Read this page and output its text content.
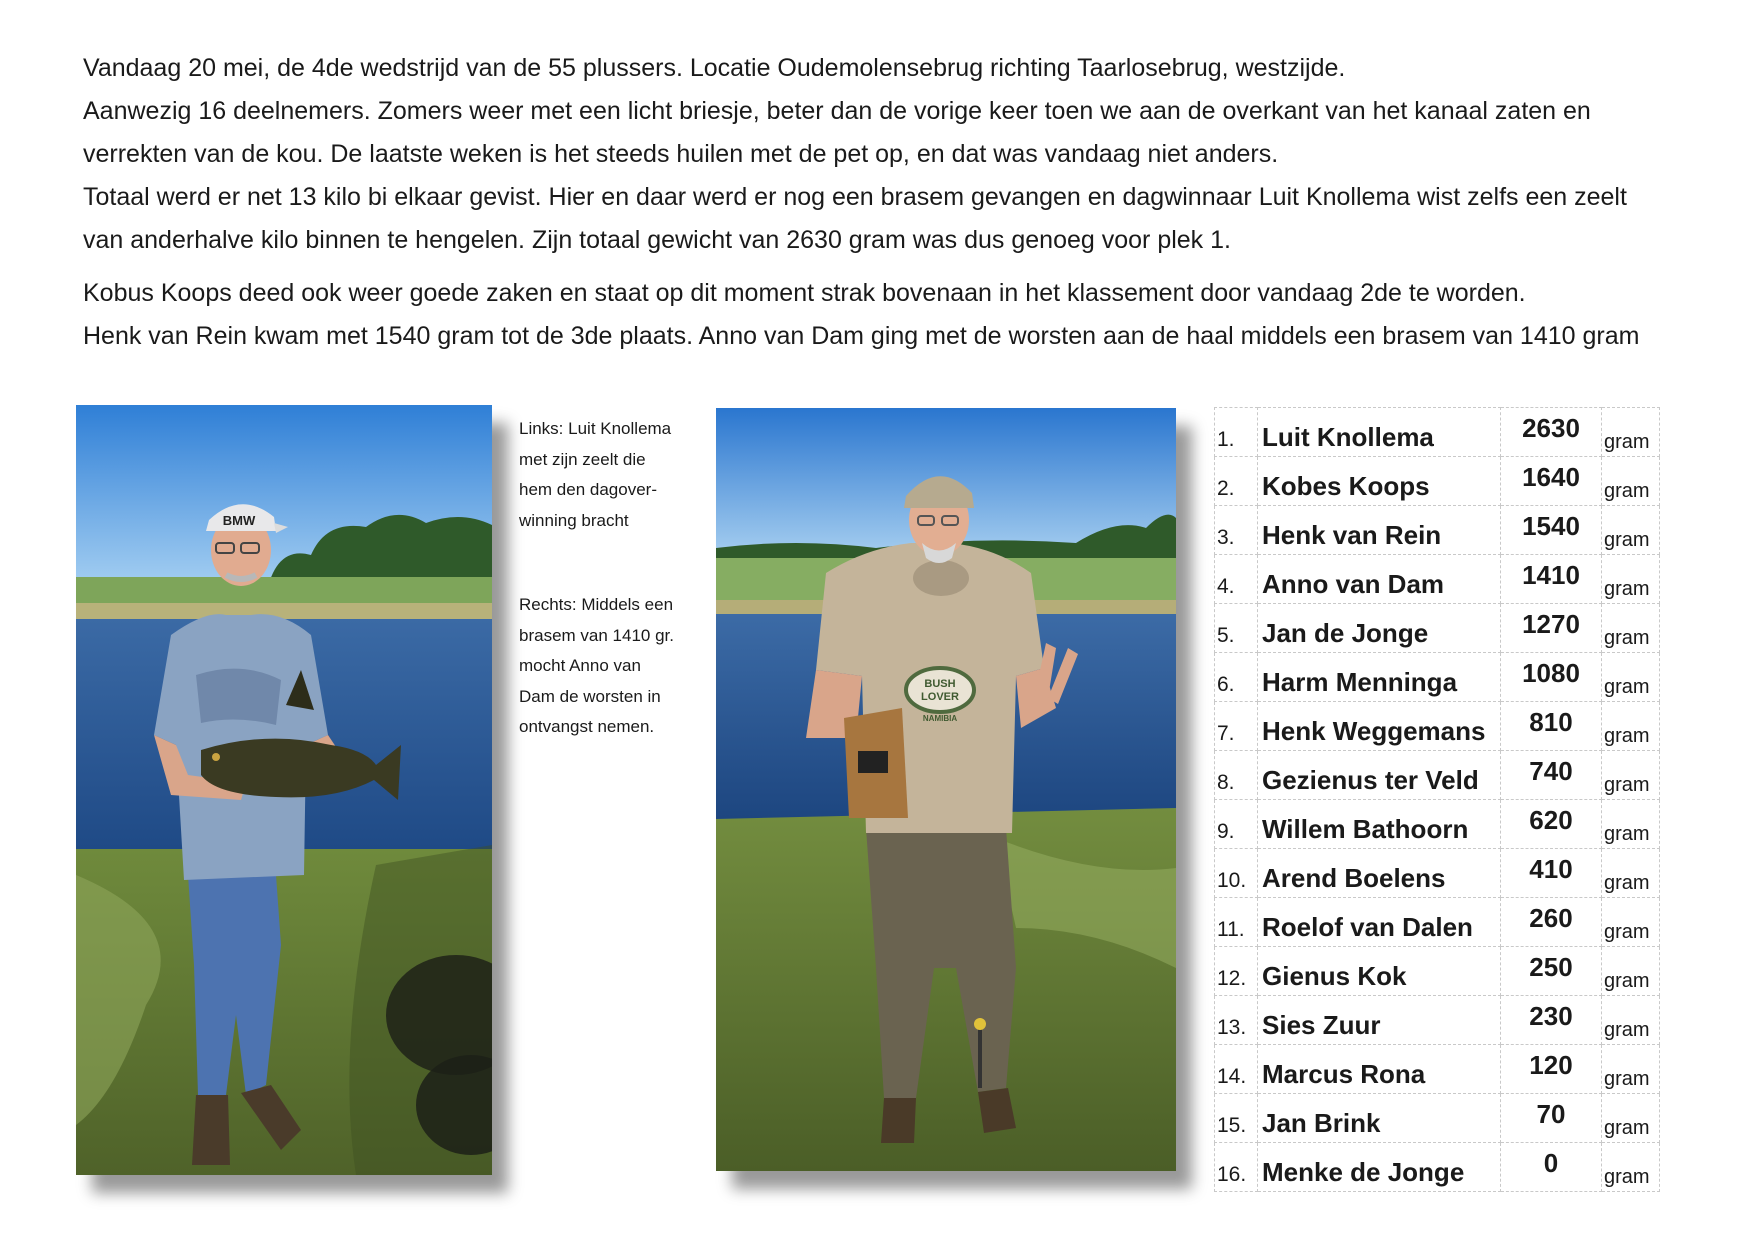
Vandaag 20 mei, de 4de wedstrijd van de 55 plussers. Locatie Oudemolensebrug richting Taarlosebrug, westzijde.

Aanwezig 16 deelnemers. Zomers weer met een licht briesje, beter dan de vorige keer toen we aan de overkant van het kanaal zaten en

verrekten van de kou. De laatste weken is het steeds huilen met de pet op, en dat was vandaag niet anders.

Totaal werd er net 13 kilo bi elkaar gevist. Hier en daar werd er nog een brasem gevangen en dagwinnaar Luit Knollema wist zelfs een zeelt

van anderhalve kilo binnen te hengelen. Zijn totaal gewicht van 2630 gram was dus genoeg voor plek 1.

Kobus Koops deed ook weer goede zaken en staat op dit moment strak bovenaan in het klassement door vandaag 2de te worden.

Henk van Rein kwam met 1540 gram tot de 3de plaats. Anno van Dam ging met de worsten aan de haal middels een brasem van 1410 gram

BMW

Links: Luit Knollema

met zijn zeelt die

hem den dagover-

winning bracht

Rechts: Middels een

brasem van 1410 gr.

mocht Anno van

Dam de worsten in

ontvangst nemen.

BUSH
LOVER
NAMIBIA
1.	Luit Knollema	2630	gram
2.	Kobes Koops	1640	gram
3.	Henk van Rein	1540	gram
4.	Anno van Dam	1410	gram
5.	Jan de Jonge	1270	gram
6.	Harm Menninga	1080	gram
7.	Henk Weggemans	810	gram
8.	Gezienus ter Veld	740	gram
9.	Willem Bathoorn	620	gram
10.	Arend Boelens	410	gram
11.	Roelof van Dalen	260	gram
12.	Gienus Kok	250	gram
13.	Sies Zuur	230	gram
14.	Marcus Rona	120	gram
15.	Jan Brink	70	gram
16.	Menke de Jonge	0	gram
